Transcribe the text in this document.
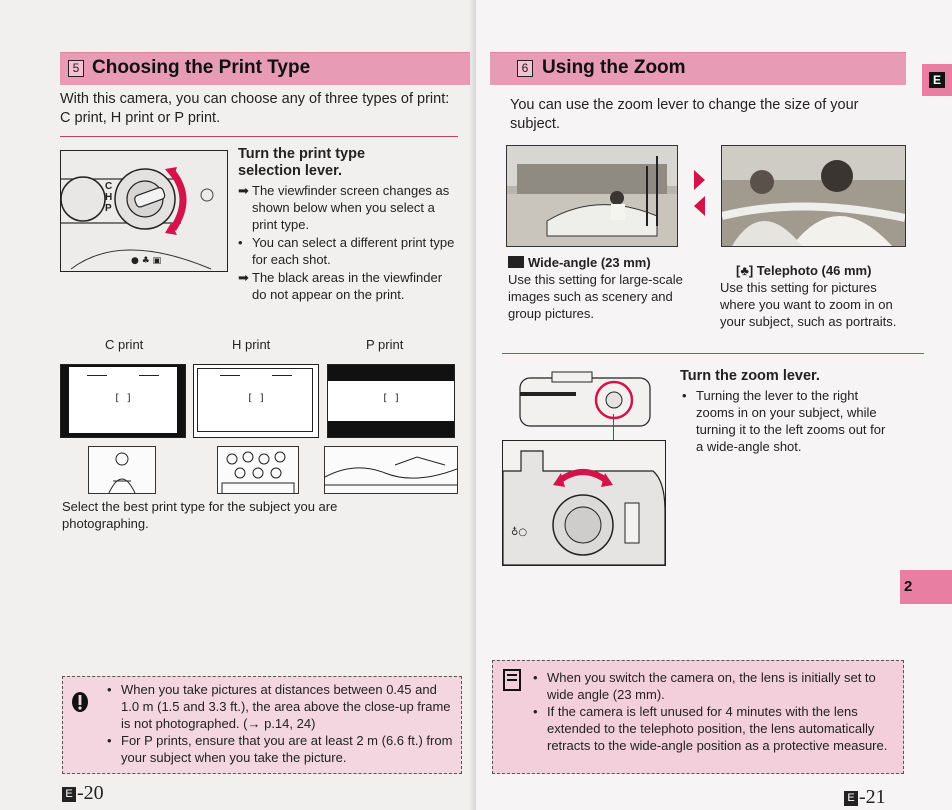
5 Choosing the Print Type
With this camera, you can choose any of three types of print: C print, H print or P print.
● ♣ ▣
C
H
P
Turn the print type
selection lever.
➡ The viewfinder screen changes as shown below when you select a print type.
• You can select a different print type for each shot.
➡ The black areas in the viewfinder do not appear on the print.
C print	H print	P print
[ ]	[ ]	[ ]
Select the best print type for the subject you are photographing.
• When you take pictures at distances between 0.45 and 1.0 m (1.5 and 3.3 ft.), the area above the close-up frame is not photographed. (→ p.14, 24)
• For P prints, ensure that you are at least 2 m (6.6 ft.) from your subject when you take the picture.
E -20
6 Using the Zoom
You can use the zoom lever to change the size of your subject.
Wide-angle (23 mm)
Use this setting for large-scale images such as scenery and group pictures.
[♣] Telephoto (46 mm)
Use this setting for pictures where you want to zoom in on your subject, such as portraits.
♁○
Turn the zoom lever.
• Turning the lever to the right zooms in on your subject, while turning it to the left zooms out for a wide-angle shot.
• When you switch the camera on, the lens is initially set to wide angle (23 mm).
• If the camera is left unused for 4 minutes with the lens extended to the telephoto position, the lens automatically retracts to the wide-angle position as a protective measure.
E -21
E
2
